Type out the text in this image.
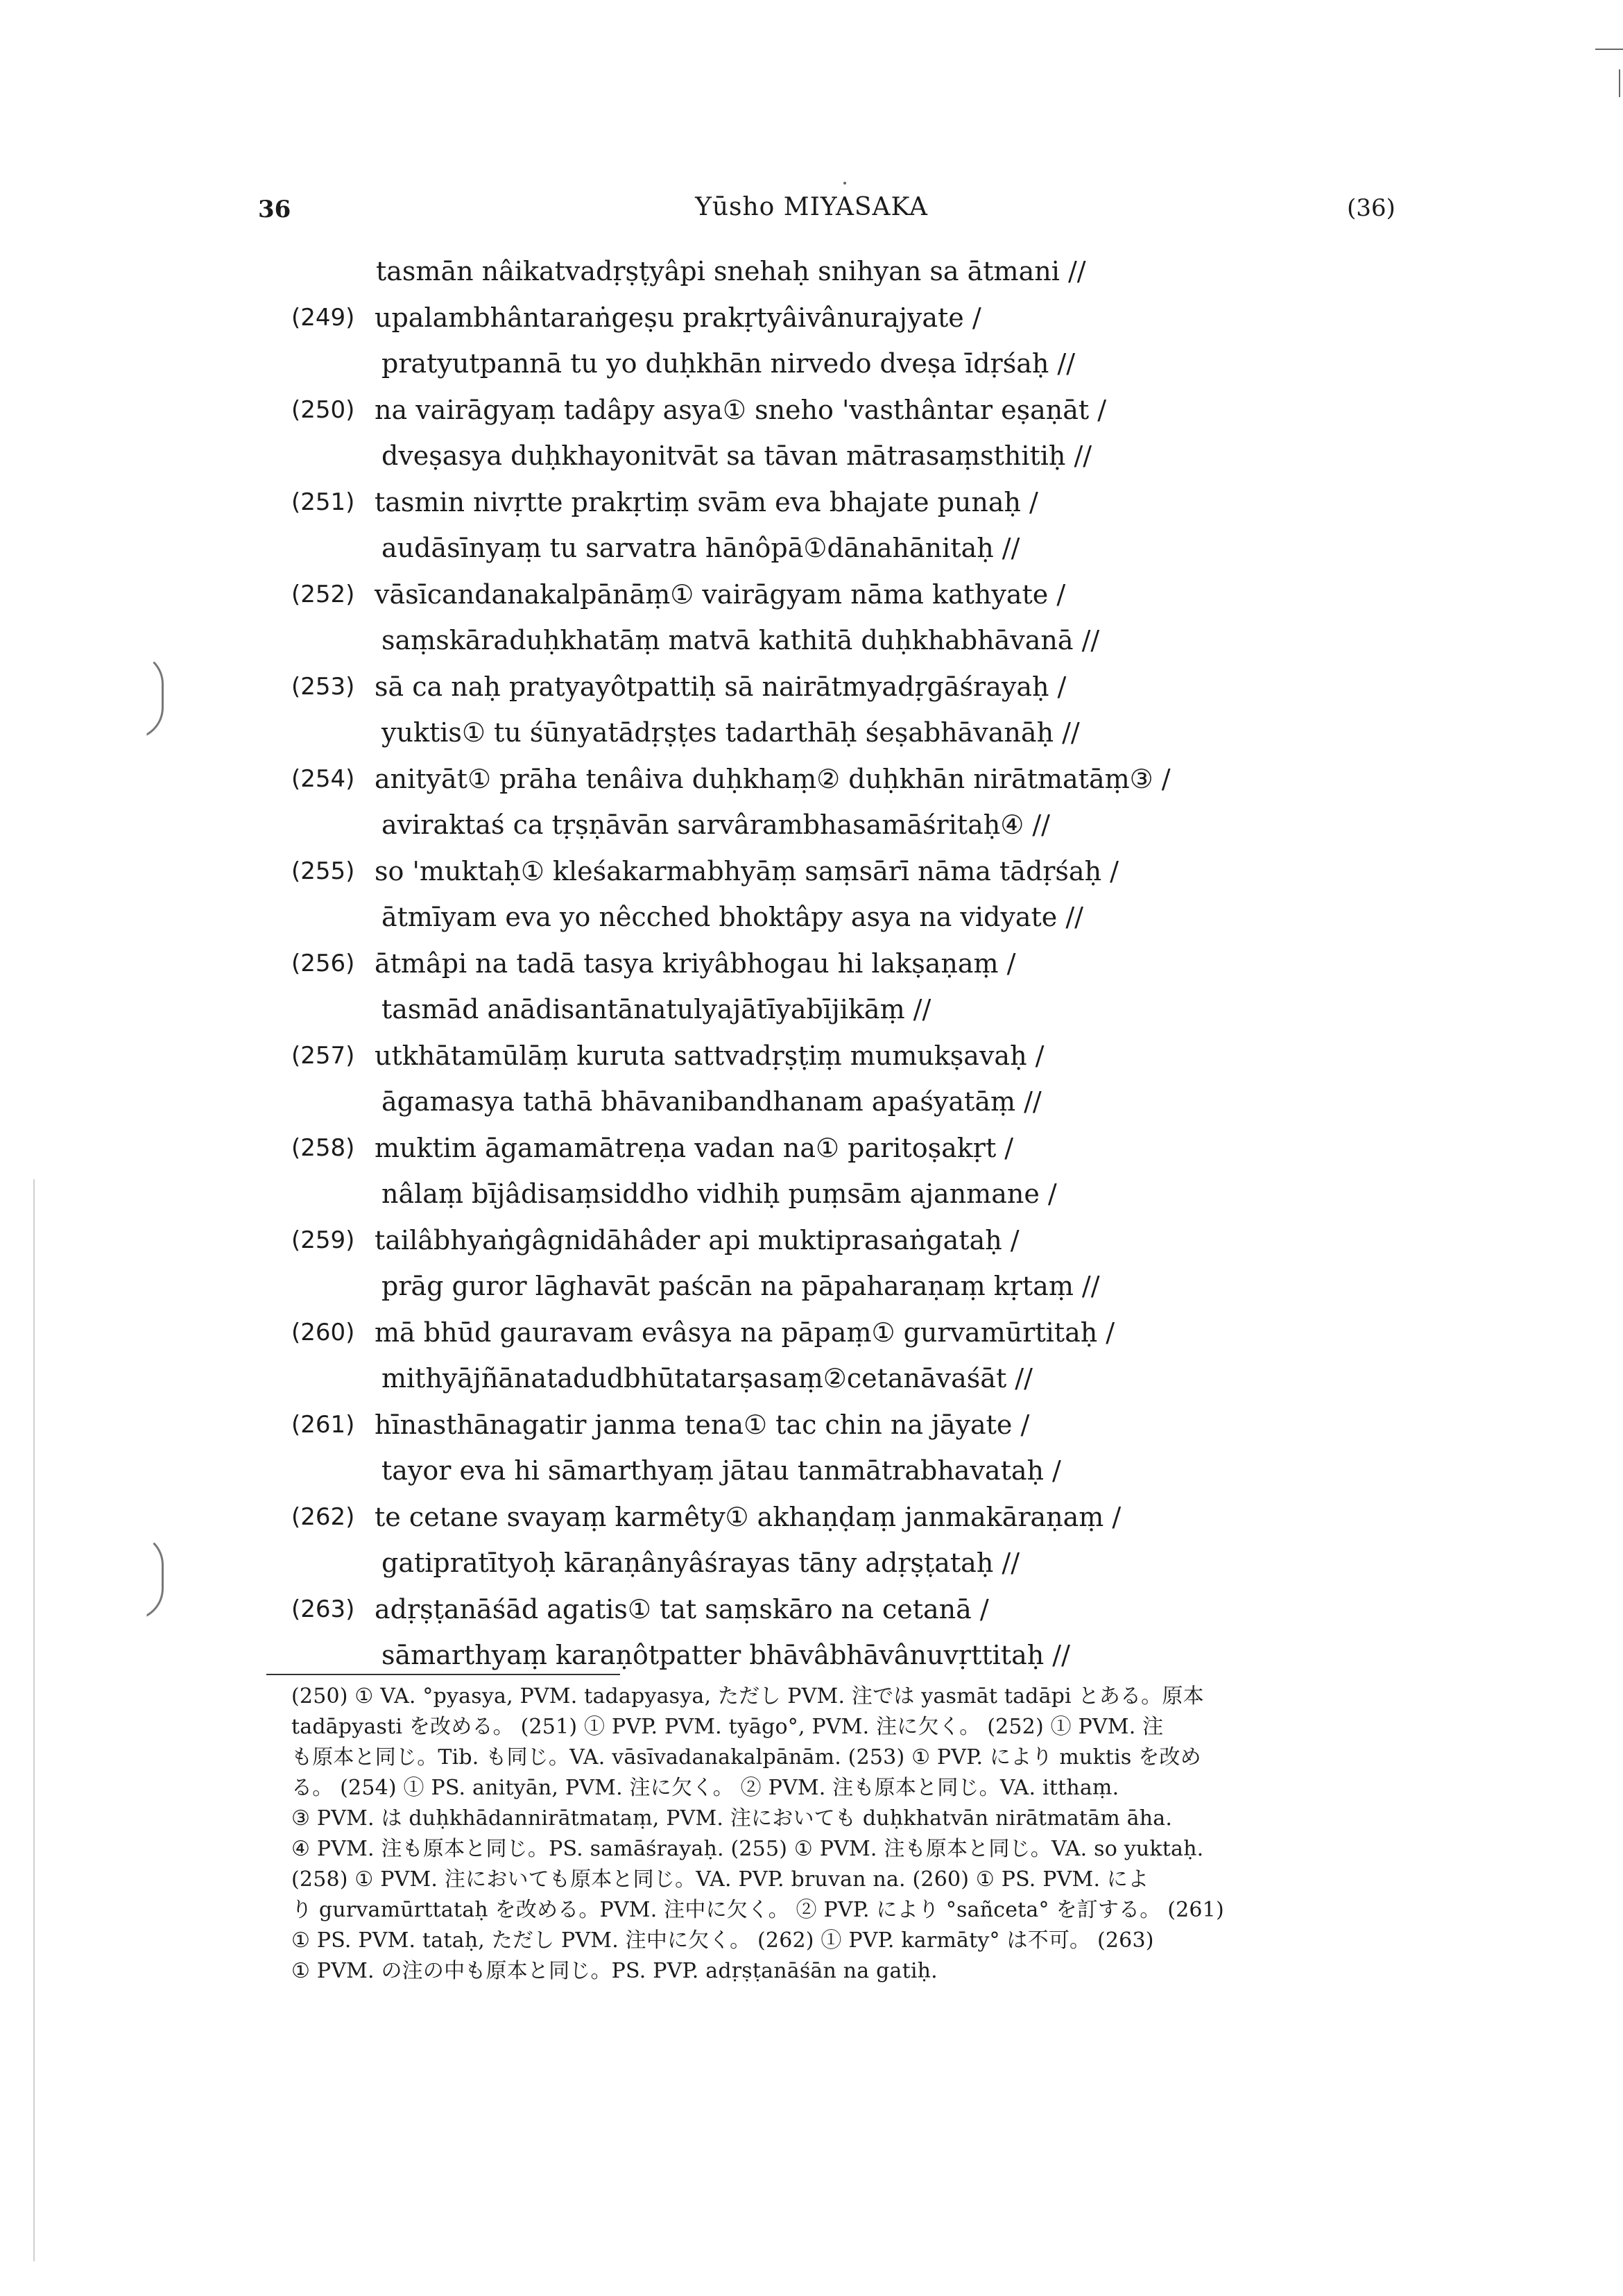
36	Yūsho MIYASAKA	(36)
tasmān nâikatvadṛṣṭyâpi snehaḥ snihyan sa ātmani //
(249) upalambhântaraṅgeṣu prakṛtyâivânurajyate /
pratyutpannā tu yo duḥkhān nirvedo dveṣa īdṛśaḥ //
(250) na vairāgyaṃ tadâpy asya① sneho 'vasthântar eṣaṇāt /
dveṣasya duḥkhayonitvāt sa tāvan mātrasaṃsthitiḥ //
(251) tasmin nivṛtte prakṛtiṃ svām eva bhajate punaḥ /
audāsīnyaṃ tu sarvatra hānôpā①dānahānitaḥ //
(252) vāsīcandanakalpānāṃ① vairāgyam nāma kathyate /
saṃskāraduḥkhatāṃ matvā kathitā duḥkhabhāvanā //
(253) sā ca naḥ pratyayôtpattiḥ sā nairātmyadṛgāśrayaḥ /
yuktis① tu śūnyatādṛṣṭes tadarthāḥ śeṣabhāvanāḥ //
(254) anityāt① prāha tenâiva duḥkhaṃ② duḥkhān nirātmatāṃ③ /
aviraktaś ca tṛṣṇāvān sarvârambhasamāśritaḥ④ //
(255) so 'muktaḥ① kleśakarmabhyāṃ saṃsārī nāma tādṛśaḥ /
ātmīyam eva yo nêcched bhoktâpy asya na vidyate //
(256) ātmâpi na tadā tasya kriyâbhogau hi lakṣaṇaṃ /
tasmād anādisantānatulyajātīyabījikāṃ //
(257) utkhātamūlāṃ kuruta sattvadṛṣṭiṃ mumukṣavaḥ /
āgamasya tathā bhāvanibandhanam apaśyatāṃ //
(258) muktim āgamamātreṇa vadan na① paritoṣakṛt /
nâlaṃ bījâdisaṃsiddho vidhiḥ puṃsām ajanmane /
(259) tailâbhyaṅgâgnidāhâder api muktiprasaṅgataḥ /
prāg guror lāghavāt paścān na pāpaharaṇaṃ kṛtaṃ //
(260) mā bhūd gauravam evâsya na pāpaṃ① gurvamūrtitaḥ /
mithyājñānatadudbhūtatarṣasaṃ②cetanāvaśāt //
(261) hīnasthānagatir janma tena① tac chin na jāyate /
tayor eva hi sāmarthyaṃ jātau tanmātrabhavataḥ /
(262) te cetane svayaṃ karmêty① akhaṇḍaṃ janmakāraṇaṃ /
gatipratītyoḥ kāraṇânyâśrayas tāny adṛṣṭataḥ //
(263) adṛṣṭanāśād agatis① tat saṃskāro na cetanā /
sāmarthyaṃ karaṇôtpatter bhāvâbhāvânuvṛttitaḥ //
(250) ① VA. °pyasya, PVM. tadapyasya, ただし PVM. 注では yasmāt tadāpi とある。原本
tadāpyasti を改める。 (251) ① PVP. PVM. tyāgo°, PVM. 注に欠く。 (252) ① PVM. 注
も原本と同じ。Tib. も同じ。VA. vāsīvadanakalpānām. (253) ① PVP. により muktis を改め
る。 (254) ① PS. anityān, PVM. 注に欠く。 ② PVM. 注も原本と同じ。VA. itthaṃ.
③ PVM. は duḥkhādannirātmataṃ, PVM. 注においても duḥkhatvān nirātmatām āha.
④ PVM. 注も原本と同じ。PS. samāśrayaḥ. (255) ① PVM. 注も原本と同じ。VA. so yuktaḥ.
(258) ① PVM. 注においても原本と同じ。VA. PVP. bruvan na. (260) ① PS. PVM. によ
り gurvamūrttataḥ を改める。PVM. 注中に欠く。 ② PVP. により °sañceta° を訂する。 (261)
① PS. PVM. tataḥ, ただし PVM. 注中に欠く。 (262) ① PVP. karmāty° は不可。 (263)
① PVM. の注の中も原本と同じ。PS. PVP. adṛṣṭanāśān na gatiḥ.
